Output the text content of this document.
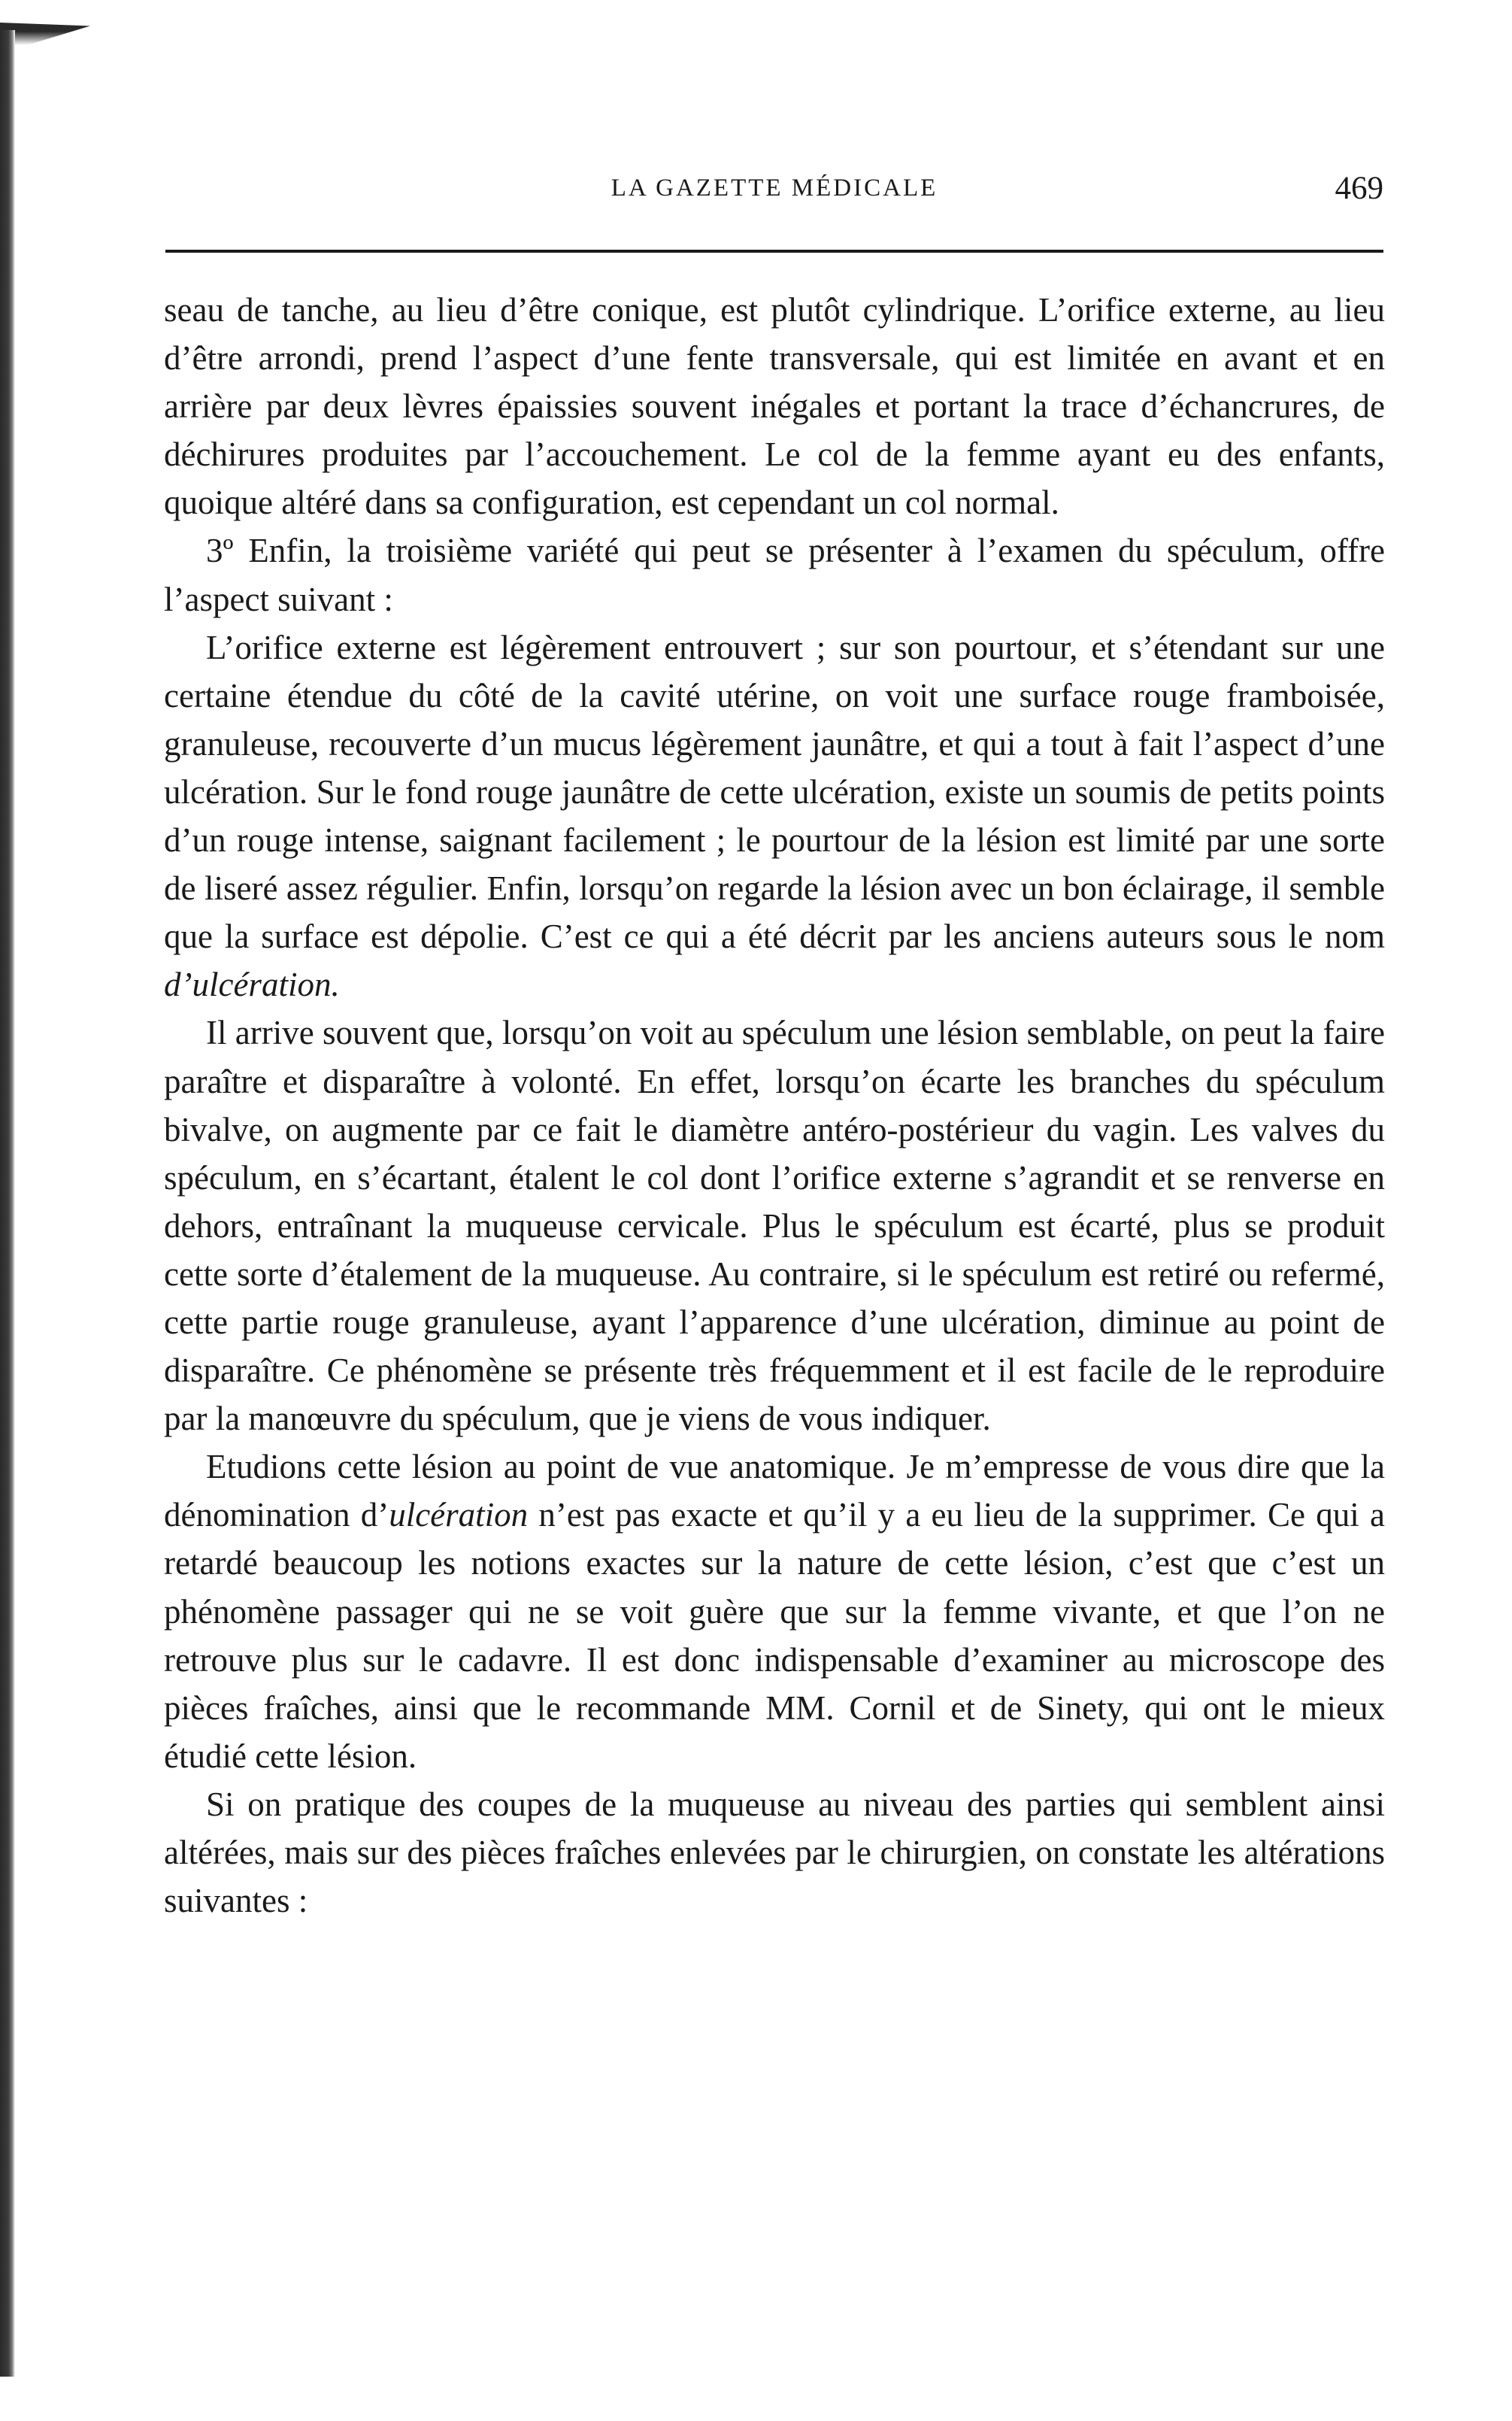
LA GAZETTE MÉDICALE	469

seau de tanche, au lieu d’être conique, est plutôt cylindrique. L’orifice externe, au lieu d’être arrondi, prend l’aspect d’une fente transversale, qui est limitée en avant et en arrière par deux lèvres épaissies souvent inégales et portant la trace d’échancrures, de déchirures produites par l’accouchement. Le col de la femme ayant eu des enfants, quoique altéré dans sa configuration, est cependant un col normal.

3º Enfin, la troisième variété qui peut se présenter à l’examen du spéculum, offre l’aspect suivant :

L’orifice externe est légèrement entrouvert ; sur son pourtour, et s’étendant sur une certaine étendue du côté de la cavité utérine, on voit une surface rouge framboisée, granuleuse, recouverte d’un mucus légèrement jaunâtre, et qui a tout à fait l’aspect d’une ulcération. Sur le fond rouge jaunâtre de cette ulcération, existe un soumis de petits points d’un rouge intense, saignant facilement ; le pourtour de la lésion est limité par une sorte de liseré assez régulier. Enfin, lorsqu’on regarde la lésion avec un bon éclairage, il semble que la surface est dépolie. C’est ce qui a été décrit par les anciens auteurs sous le nom d’ulcération.

Il arrive souvent que, lorsqu’on voit au spéculum une lésion semblable, on peut la faire paraître et disparaître à volonté. En effet, lorsqu’on écarte les branches du spéculum bivalve, on augmente par ce fait le diamètre antéro-postérieur du vagin. Les valves du spéculum, en s’écartant, étalent le col dont l’orifice externe s’agrandit et se renverse en dehors, entraînant la muqueuse cervicale. Plus le spéculum est écarté, plus se produit cette sorte d’étalement de la muqueuse. Au contraire, si le spéculum est retiré ou refermé, cette partie rouge granuleuse, ayant l’apparence d’une ulcération, diminue au point de disparaître. Ce phénomène se présente très fréquemment et il est facile de le reproduire par la manœuvre du spéculum, que je viens de vous indiquer.

Etudions cette lésion au point de vue anatomique. Je m’empresse de vous dire que la dénomination d’ulcération n’est pas exacte et qu’il y a eu lieu de la supprimer. Ce qui a retardé beaucoup les notions exactes sur la nature de cette lésion, c’est que c’est un phénomène passager qui ne se voit guère que sur la femme vivante, et que l’on ne retrouve plus sur le cadavre. Il est donc indispensable d’examiner au microscope des pièces fraîches, ainsi que le recommande MM. Cornil et de Sinety, qui ont le mieux étudié cette lésion.

Si on pratique des coupes de la muqueuse au niveau des parties qui semblent ainsi altérées, mais sur des pièces fraîches enlevées par le chirurgien, on constate les altérations suivantes :
